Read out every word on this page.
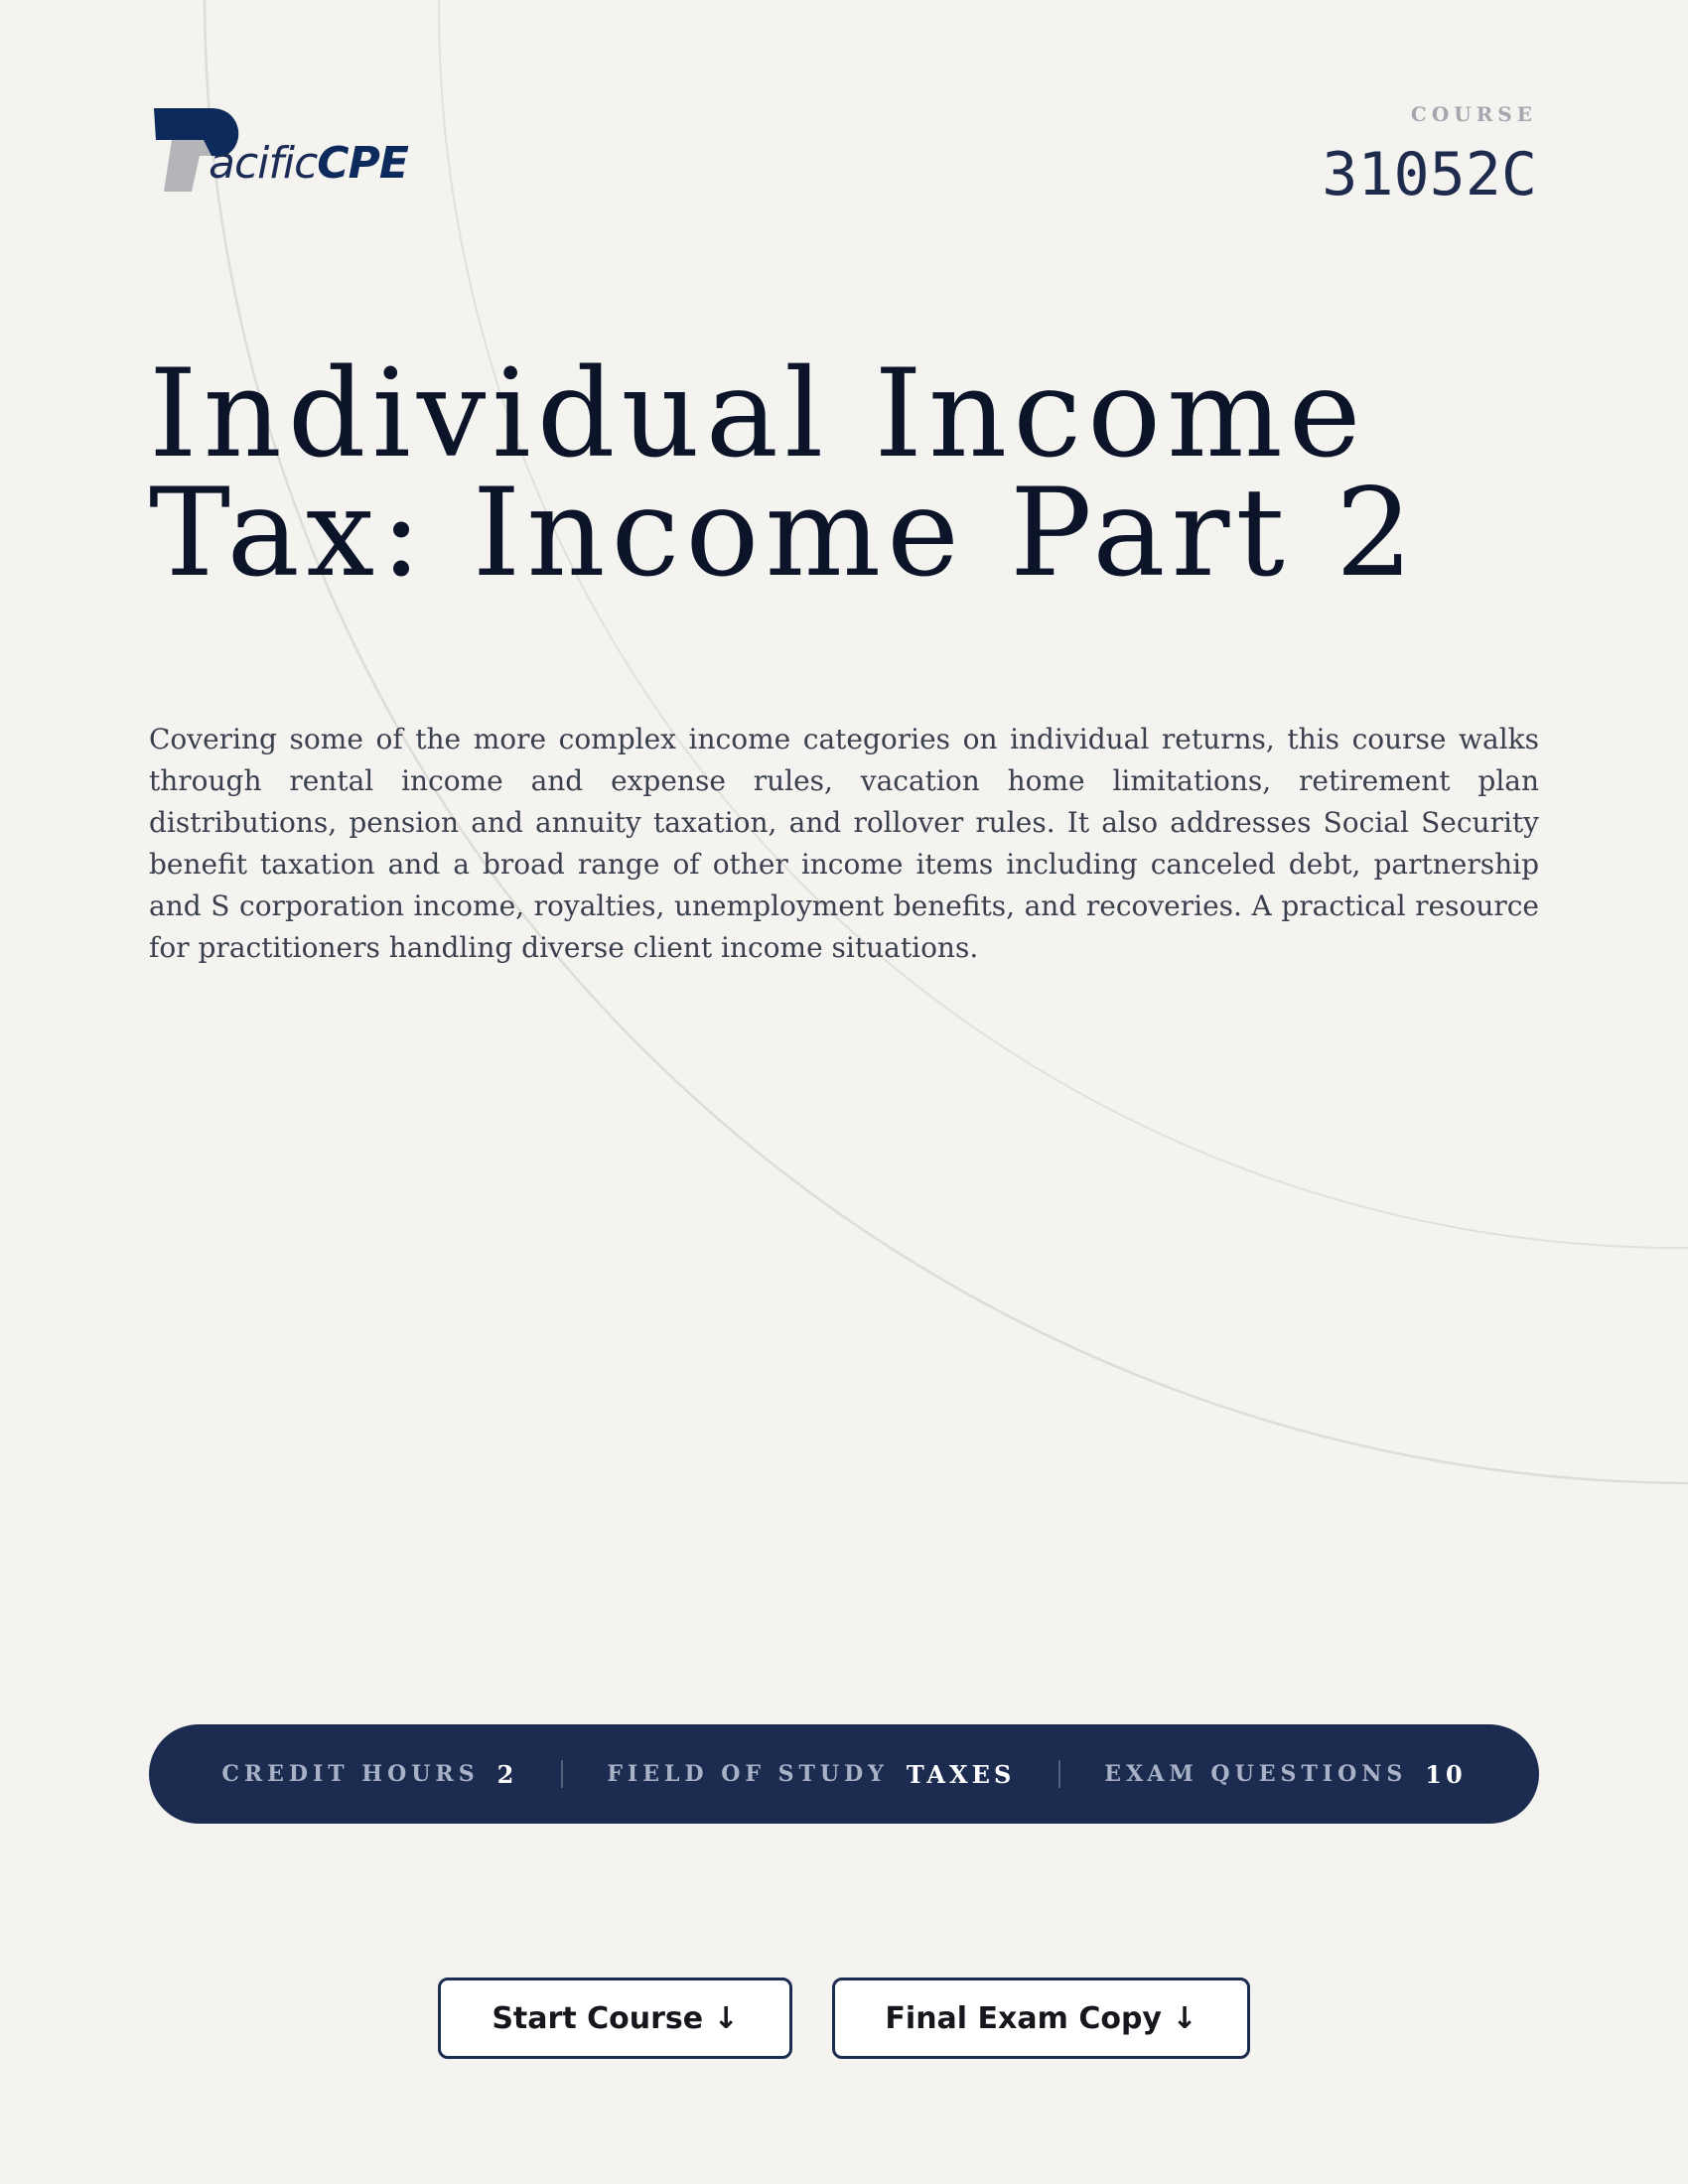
acificCPE
COURSE
31052C
Individual Income
Tax: Income Part 2

Covering some of the more complex income categories on individual returns, this course walks through rental income and expense rules, vacation home limitations, retirement plan distributions, pension and annuity taxation, and rollover rules. It also addresses Social Security benefit taxation and a broad range of other income items including canceled debt, partnership and S corporation income, royalties, unemployment benefits, and recoveries. A practical resource for practitioners handling diverse client income situations.

CREDIT HOURS 2	FIELD OF STUDY TAXES	EXAM QUESTIONS 10
Start Course ↓	Final Exam Copy ↓
